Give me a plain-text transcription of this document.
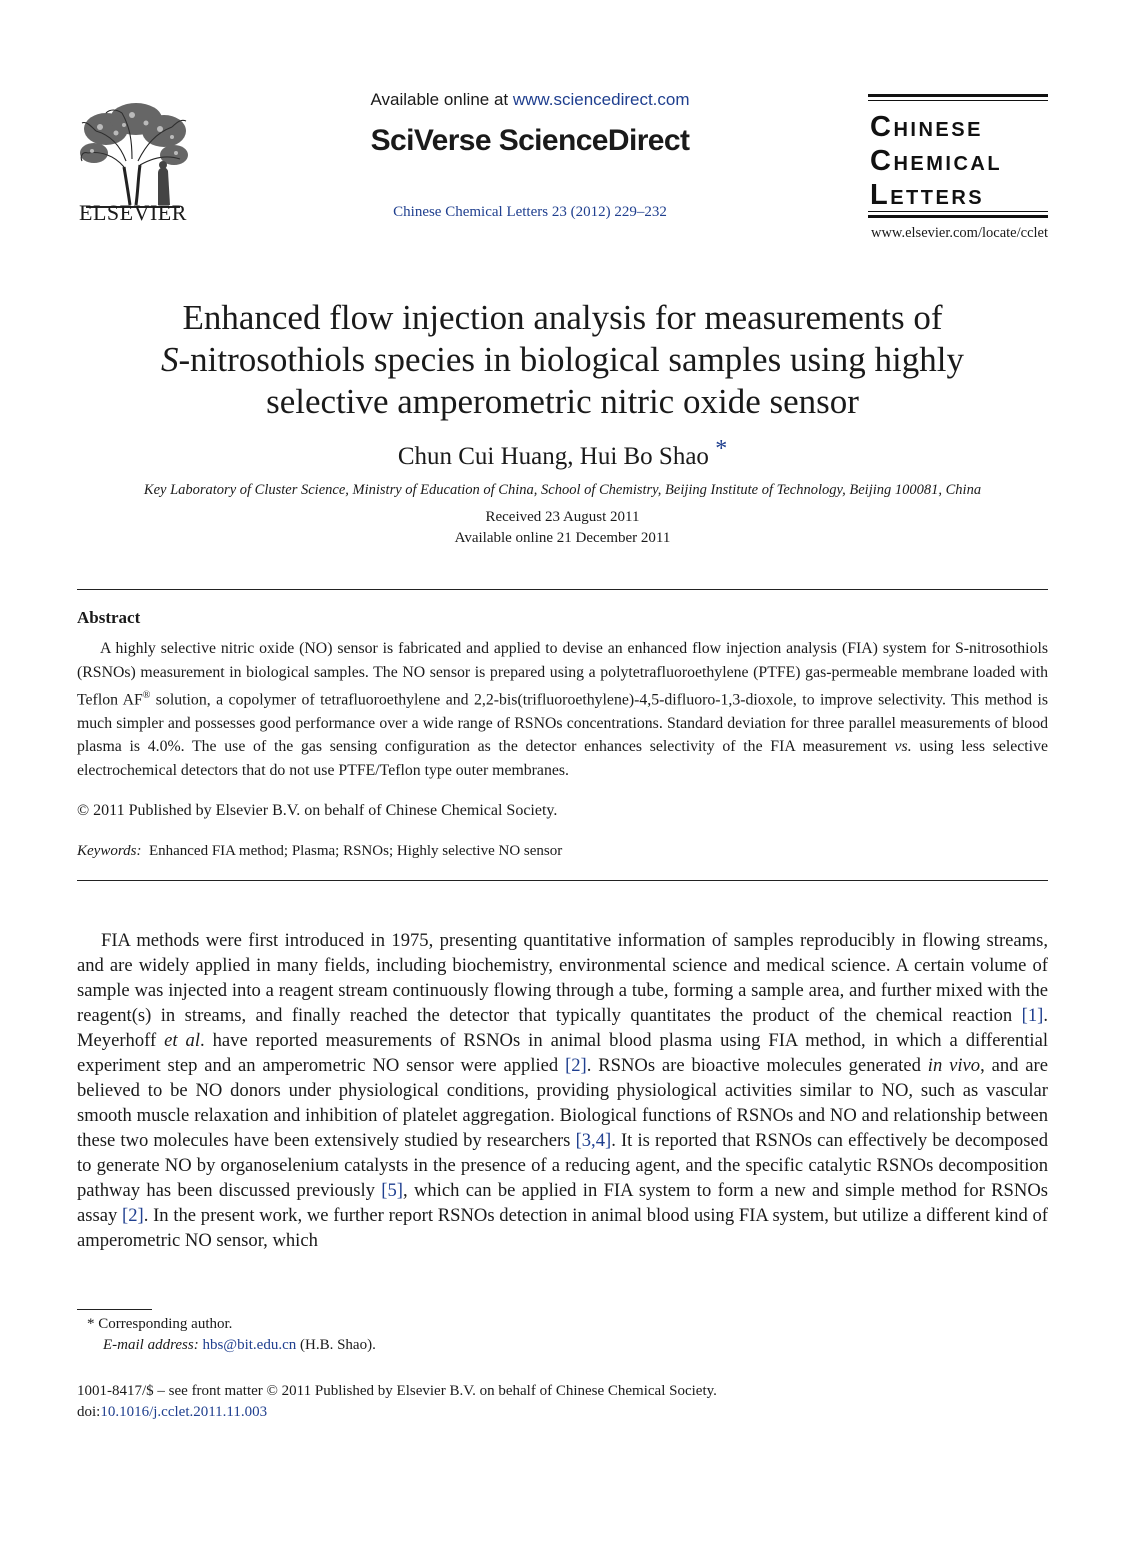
ELSEVIER
Available online at www.sciencedirect.com
SciVerse ScienceDirect
Chinese Chemical Letters 23 (2012) 229–232
Chinese
Chemical
Letters
www.elsevier.com/locate/cclet
Enhanced flow injection analysis for measurements of
S-nitrosothiols species in biological samples using highly
selective amperometric nitric oxide sensor
Chun Cui Huang, Hui Bo Shao *
Key Laboratory of Cluster Science, Ministry of Education of China, School of Chemistry, Beijing Institute of Technology, Beijing 100081, China
Received 23 August 2011
Available online 21 December 2011
Abstract

A highly selective nitric oxide (NO) sensor is fabricated and applied to devise an enhanced flow injection analysis (FIA) system for S-nitrosothiols (RSNOs) measurement in biological samples. The NO sensor is prepared using a polytetrafluoroethylene (PTFE) gas-permeable membrane loaded with Teflon AF® solution, a copolymer of tetrafluoroethylene and 2,2-bis(trifluoroethylene)-4,5-difluoro-1,3-dioxole, to improve selectivity. This method is much simpler and possesses good performance over a wide range of RSNOs concentrations. Standard deviation for three parallel measurements of blood plasma is 4.0%. The use of the gas sensing configuration as the detector enhances selectivity of the FIA measurement vs. using less selective electrochemical detectors that do not use PTFE/Teflon type outer membranes.

© 2011 Published by Elsevier B.V. on behalf of Chinese Chemical Society.
Keywords: Enhanced FIA method; Plasma; RSNOs; Highly selective NO sensor

FIA methods were first introduced in 1975, presenting quantitative information of samples reproducibly in flowing streams, and are widely applied in many fields, including biochemistry, environmental science and medical science. A certain volume of sample was injected into a reagent stream continuously flowing through a tube, forming a sample area, and further mixed with the reagent(s) in streams, and finally reached the detector that typically quantitates the product of the chemical reaction [1]. Meyerhoff et al. have reported measurements of RSNOs in animal blood plasma using FIA method, in which a differential experiment step and an amperometric NO sensor were applied [2]. RSNOs are bioactive molecules generated in vivo, and are believed to be NO donors under physiological conditions, providing physiological activities similar to NO, such as vascular smooth muscle relaxation and inhibition of platelet aggregation. Biological functions of RSNOs and NO and relationship between these two molecules have been extensively studied by researchers [3,4]. It is reported that RSNOs can effectively be decomposed to generate NO by organoselenium catalysts in the presence of a reducing agent, and the specific catalytic RSNOs decomposition pathway has been discussed previously [5], which can be applied in FIA system to form a new and simple method for RSNOs assay [2]. In the present work, we further report RSNOs detection in animal blood using FIA system, but utilize a different kind of amperometric NO sensor, which

* Corresponding author.
E-mail address: hbs@bit.edu.cn (H.B. Shao).
1001-8417/$ – see front matter © 2011 Published by Elsevier B.V. on behalf of Chinese Chemical Society.
doi:10.1016/j.cclet.2011.11.003
